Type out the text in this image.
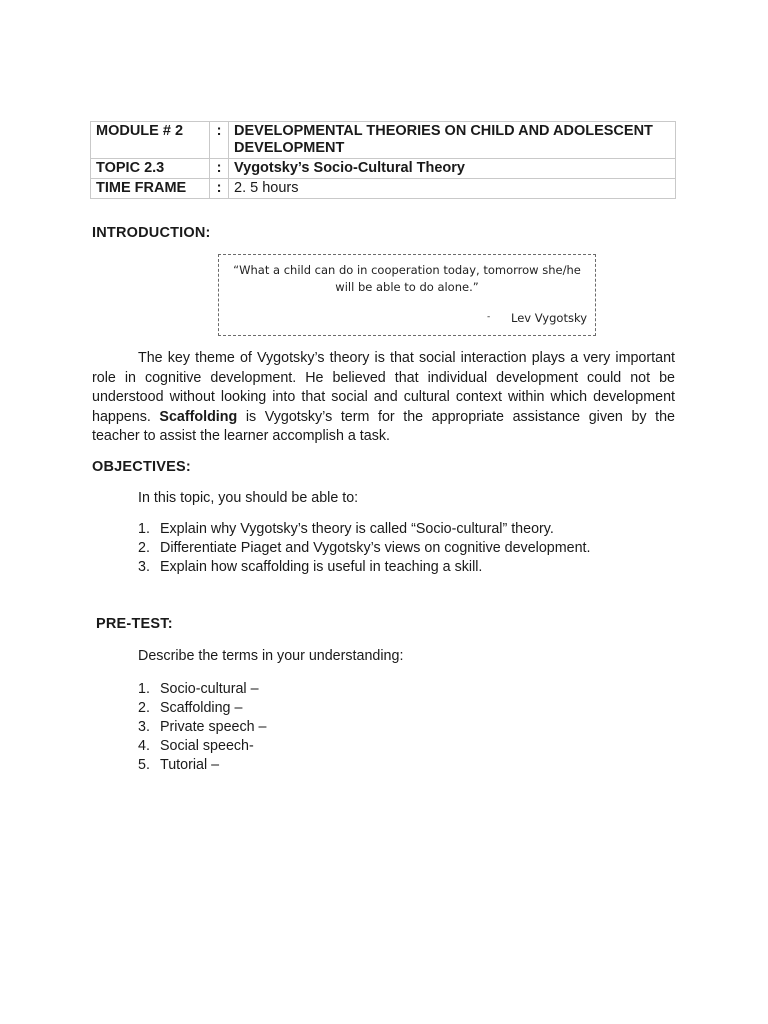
MODULE # 2	:	DEVELOPMENTAL THEORIES ON CHILD AND ADOLESCENT DEVELOPMENT
TOPIC 2.3	:	Vygotsky’s Socio-Cultural Theory
TIME FRAME	:	2. 5 hours
INTRODUCTION:
“What a child can do in cooperation today, tomorrow she/he
will be able to do alone.”
- Lev Vygotsky
The key theme of Vygotsky’s theory is that social interaction plays a very important role in cognitive development. He believed that individual development could not be understood without looking into that social and cultural context within which development happens. Scaffolding is Vygotsky’s term for the appropriate assistance given by the teacher to assist the learner accomplish a task.
OBJECTIVES:
In this topic, you should be able to:
1. Explain why Vygotsky’s theory is called “Socio-cultural” theory.
2. Differentiate Piaget and Vygotsky’s views on cognitive development.
3. Explain how scaffolding is useful in teaching a skill.
PRE-TEST:
Describe the terms in your understanding:
1. Socio-cultural –
2. Scaffolding –
3. Private speech –
4. Social speech-
5. Tutorial –
